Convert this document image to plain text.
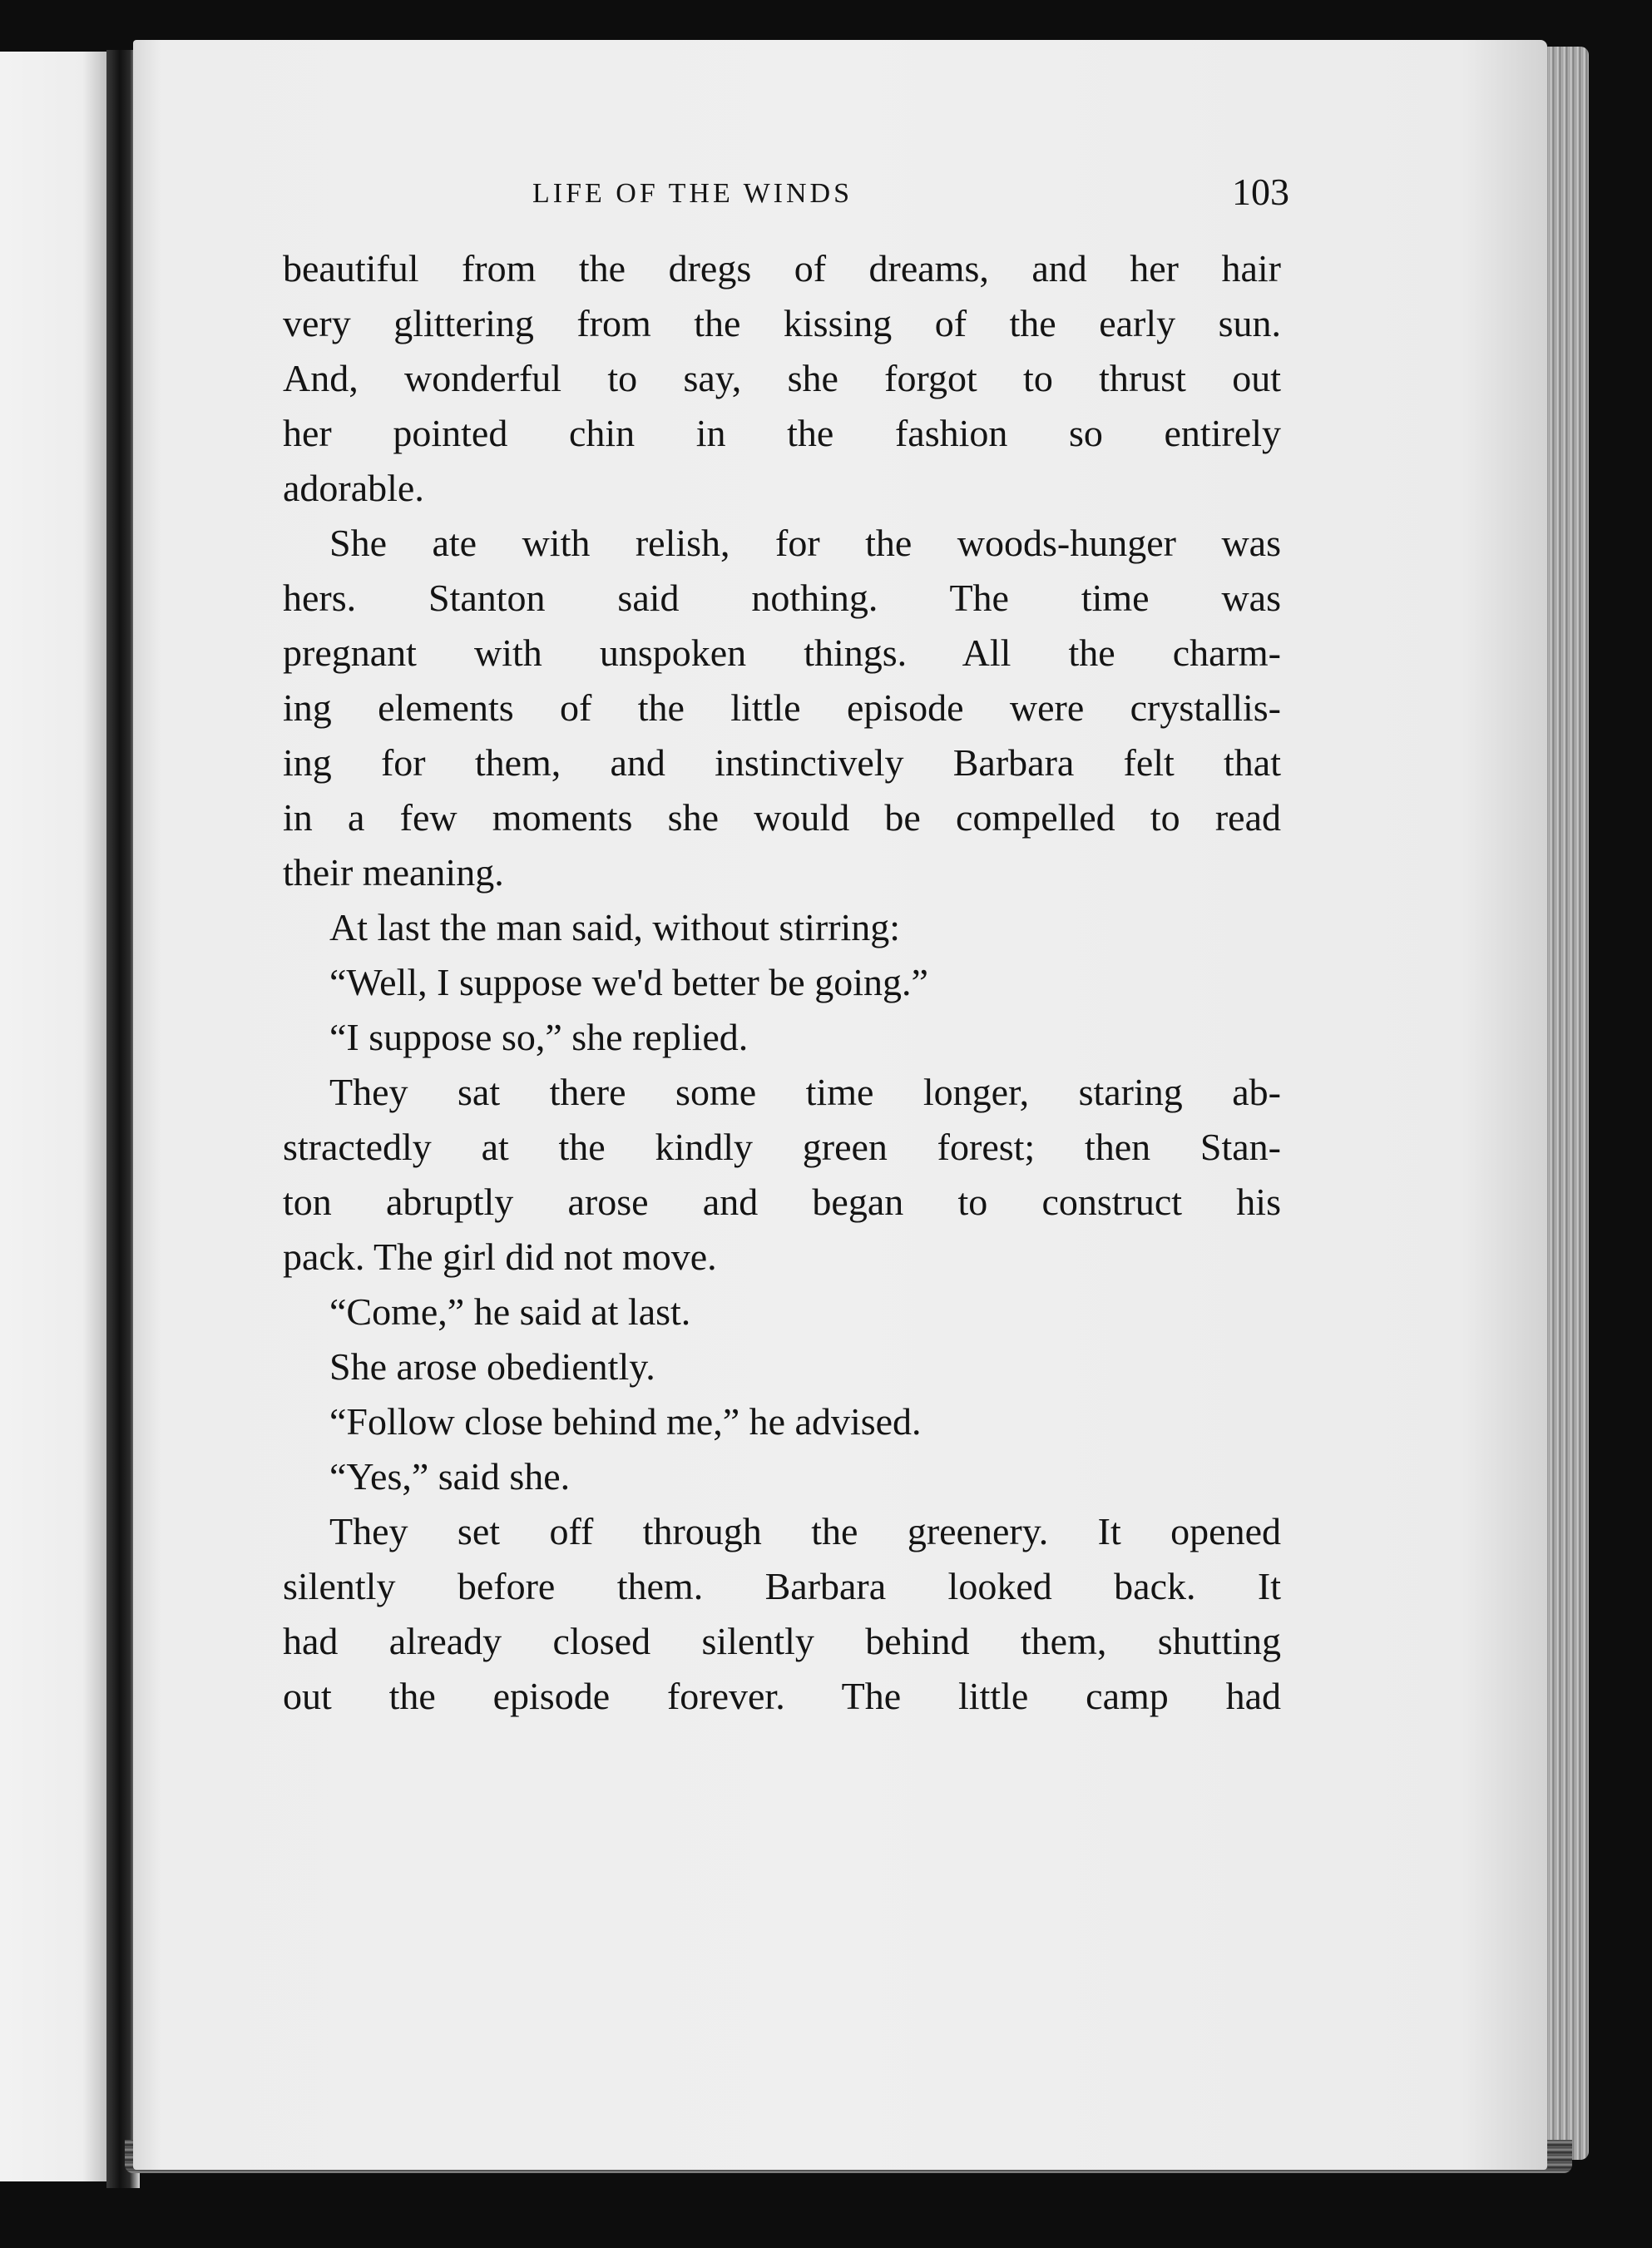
LIFE OF THE WINDS	103
beautiful from the dregs of dreams, and her hair
very glittering from the kissing of the early sun.
And, wonderful to say, she forgot to thrust out
her pointed chin in the fashion so entirely
adorable.
She ate with relish, for the woods-hunger was
hers. Stanton said nothing. The time was
pregnant with unspoken things. All the charm-
ing elements of the little episode were crystallis-
ing for them, and instinctively Barbara felt that
in a few moments she would be compelled to read
their meaning.
At last the man said, without stirring:
“Well, I suppose we'd better be going.”
“I suppose so,” she replied.
They sat there some time longer, staring ab-
stractedly at the kindly green forest; then Stan-
ton abruptly arose and began to construct his
pack. The girl did not move.
“Come,” he said at last.
She arose obediently.
“Follow close behind me,” he advised.
“Yes,” said she.
They set off through the greenery. It opened
silently before them. Barbara looked back. It
had already closed silently behind them, shutting
out the episode forever. The little camp had
